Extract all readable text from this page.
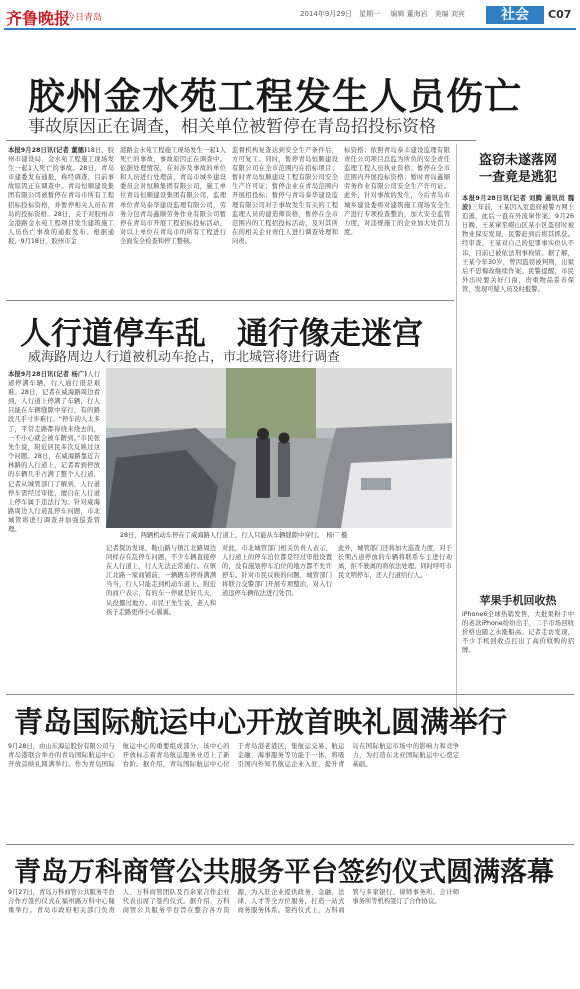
齐鲁晚报
今日青岛	2014年9月29日　星期一 编辑 董海岩　美编 刘宾	社会	C07
胶州金水苑工程发生人员伤亡
事故原因正在调查，相关单位被暂停在青岛招投标资格
本报9月28日讯(记者 董德)18日，胶州市建设局，金水苑工程施工现场发生一起1人死亡的事故。28日，青岛市建委发布通报，称经调查，目前事故原因正在调查中。青岛恒顺建设集团有限公司被暂停在青岛市所有工程招标投标资格，并暂停相关人员在青岛的投标资格。28日，关于对胶州市金港路金水苑工程项目发生建筑施工人员伤亡事故的通报发布。根据通报，9月18日，胶州市金
港路金水苑工程施工现场发生一起1人死亡的事故，事故原因正在调查中。依据处理情况，在对涉及事故的单位和人员进行处理前，青岛市城乡建设委员会对恒顺集团有限公司，施工单位青岛恒顺建设集团有限公司，监理单位青岛泰华建设监理有限公司，劳务分包青岛鑫顺劳务作业有限公司暂停在青岛市开展工程招标投标活动，对以上单位在青岛市的所有工程进行全面安全检查和停工整顿。
监督机构复查达到安全生产条件后，方可复工。同时，暂停青岛恒顺建设有限公司在全市范围内在招标项目；暂时青岛恒顺建设工程有限公司安全生产许可证；暂停企业在青岛范围内开展招投标；暂停与青岛泰华建设监理有限公司对于事故发生有关的工程监理人员的建造师资格，暂停在全市范围内的工程招投标活动，及对其所在的相关企业责任人进行调查处理和问责。
标资格；依照青岛泰丰建设监理有限责任公司项目总监为所负的安全责任监理工程人员执业资格；暂停在全市范围内开展投标资格；暂时青岛鑫顺劳务作业有限公司安全生产许可证。此外，针对事故的发生，今后青岛市城乡建设委将对建筑施工现场安全生产进行专项检查整治，加大安全监管力度，对违规施工的企业加大处罚力度。
人行道停车乱　通行像走迷宫
威海路周边人行道被机动车抢占，市北城管将进行调查
本报9月28日讯(记者 杨广)人行道停满车辆，行人通行很是艰难。28日，记者在威海路周边看到，人行道上停满了车辆，行人只能在车辆缝隙中穿行，有的路段几乎寸步难行。“停车的人太多了，平常走路都得绕来绕去的，一不小心就会被车蹭到。”市民张先生说，附近居民多次反映过这个问题。28日，在威海路靠近吉林路的人行道上，记者看到停放的车辆几乎占满了整个人行道，
28日，两辆机动车停在了威海路人行道上，行人只能从车辆缝隙中穿行。　杨广 摄
记者从城管部门了解到，人行道停车需经过审批，擅自在人行道上停车属于违法行为。针对威海路周边人行道乱停车问题，市北城管将进行调查并加强巡查管理。
记者探访发现，鞍山路与镇江北路周边同样存在乱停车问题，不少车辆直接停在人行道上，行人无法正常通行。在镇江北路一家商铺前，一辆辆车停得满满当当，行人只能走到机动车道上。附近的商户表示，有的车一停就是好几天，从没挪过地方。市民王先生说，老人和孩子走路更得小心翼翼。
对此，市北城管部门相关负责人表示，人行道上的停车泊位都是经过审批设置的，没有施划停车泊位的地方都不允许停车。针对市民反映的问题，城管部门将联合交警部门开展专项整治，对人行道违停车辆依法进行处罚。
此外，城管部门还将加大巡查力度，对于长期占道停放的车辆将联系车主进行劝离，拒不驶离的将依法处理。同时呼吁市民文明停车，还人行道给行人。
盗窃未遂落网
一查竟是逃犯
本报9月28日讯(记者 刘腾 通讯员 魏波)三年前，王某因入室盗窃被警方网上追逃，此后一直在外流窜作案。9月26日晚，王某窜至崂山区某小区盗窃时被物业保安发现，民警赶到后将其抓获。经审查，王某对自己的犯罪事实供认不讳，目前已被依法刑事拘留。据了解，王某今年30岁，曾因盗窃被判刑，出狱后不思悔改继续作案。民警提醒，市民外出时要关好门窗，贵重物品妥善保管，发现可疑人员及时报警。
苹果手机回收热
iPhone6全球热销发售，大批果粉手中的老款iPhone纷纷出手，二手市场回收价格也随之水涨船高。记者走访发现，不少手机回收点打出了高价收购的招牌。
青岛国际航运中心开放首映礼圆满举行
9月28日，由山东海运股份有限公司与青岛港联合举办的青岛国际航运中心开放首映礼圆满举行。作为青岛国际航运中心的重要组成部分，该中心的开放标志着青岛航运服务业迈上了新台阶。据介绍，青岛国际航运中心位于青岛港老港区，集航运交易、航运金融、海事服务等功能于一体，将吸引国内外知名航运企业入驻，提升青岛在国际航运市场中的影响力和竞争力，为打造东北亚国际航运中心奠定基础。
青岛万科商管公共服务平台签约仪式圆满落幕
9月27日，青岛万科商管公共服务平台合作方签约仪式在福州路万科中心隆重举行。青岛市政府相关部门负责人、万科商管团队及百余家合作企业代表出席了签约仪式。据介绍，万科商管公共服务平台旨在整合各方资源，为入驻企业提供政务、金融、法律、人才等全方位服务，打造一站式商务服务体系。签约仪式上，万科商管与多家银行、律师事务所、会计师事务所等机构签订了合作协议。
